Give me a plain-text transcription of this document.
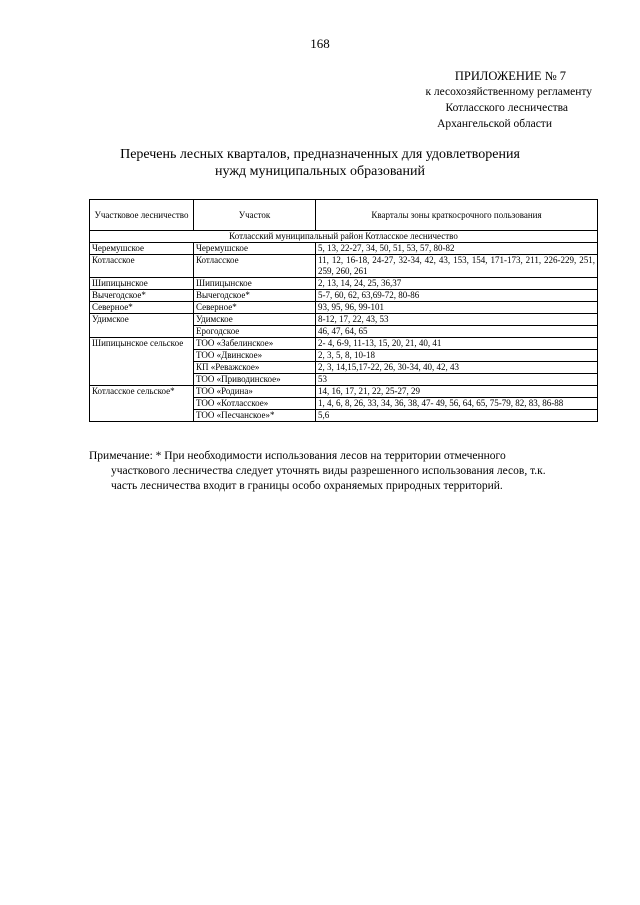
168
ПРИЛОЖЕНИЕ № 7
к лесохозяйственному регламенту
Котласского лесничества
Архангельской области
Перечень лесных кварталов, предназначенных для удовлетворения
нужд муниципальных образований
Участковое лесничество	Участок	Кварталы зоны краткосрочного пользования
Котласский муниципальный район Котласское лесничество		
Черемушское	Черемушское	5, 13, 22-27, 34, 50, 51, 53, 57, 80-82
Котласское	Котласское	11, 12, 16-18, 24-27, 32-34, 42, 43, 153, 154, 171-173, 211, 226-229, 251, 259, 260, 261
Шипицынское	Шипицынское	2, 13, 14, 24, 25, 36,37
Вычегодское*	Вычегодское*	5-7, 60, 62, 63,69-72, 80-86
Северное*	Северное*	93, 95, 96, 99-101
Удимское	Удимское	8-12, 17, 22, 43, 53
	Ерогодское	46, 47, 64, 65
Шипицынское сельское	ТОО «Забелинское»	2- 4, 6-9, 11-13, 15, 20, 21, 40, 41
	ТОО «Двинское»	2, 3, 5, 8, 10-18
	КП «Реважское»	2, 3, 14,15,17-22, 26, 30-34, 40, 42, 43
	ТОО «Приводинское»	53
Котласское сельское*	ТОО «Родина»	14, 16, 17, 21, 22, 25-27, 29
	ТОО «Котласское»	1, 4, 6, 8, 26, 33, 34, 36, 38, 47- 49, 56, 64, 65, 75-79, 82, 83, 86-88
	ТОО «Песчанское»*	5,6
Примечание: * При необходимости использования лесов на территории отмеченного
участкового лесничества следует уточнять виды разрешенного использования лесов, т.к.
часть лесничества входит в границы особо охраняемых природных территорий.
